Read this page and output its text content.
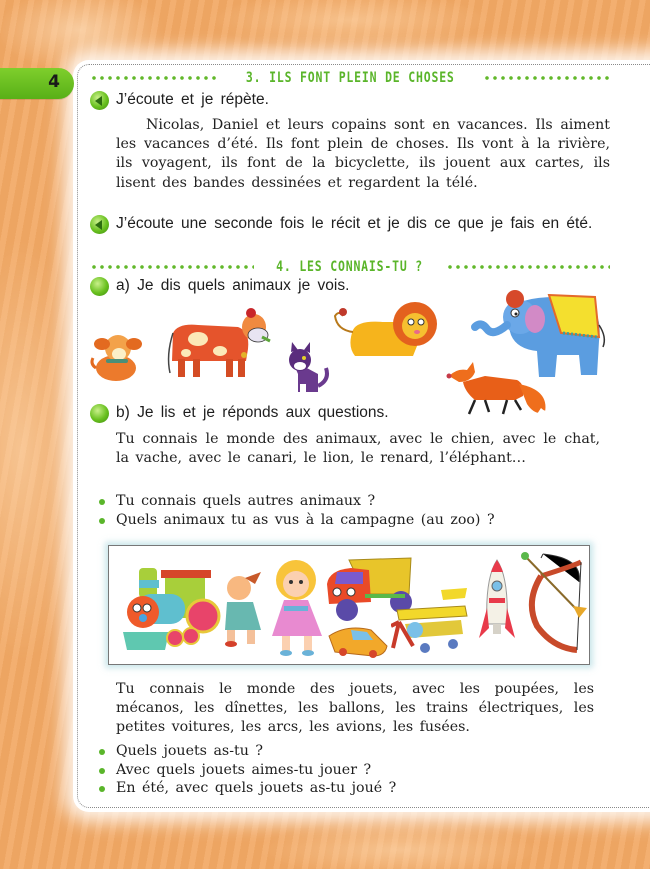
4	3. ILS FONT PLEIN DE CHOSES
J’écoute et je répète.

Nicolas, Daniel et leurs copains sont en vacances. Ils aiment les vacances d’été. Ils font plein de choses. Ils vont à la rivière, ils voyagent, ils font de la bicyclette, ils jouent aux cartes, ils lisent des bandes dessinées et regardent la télé.

J’écoute une seconde fois le récit et je dis ce que je fais en été.
4. LES CONNAIS-TU ?
a) Je dis quels animaux je vois.
b) Je lis et je réponds aux questions.

Tu connais le monde des animaux, avec le chien, avec le chat, la vache, avec le canari, le lion, le renard, l’éléphant…

Tu connais quels autres animaux ?
Quels animaux tu as vus à la campagne (au zoo) ?

Tu connais le monde des jouets, avec les poupées, les mécanos, les dînettes, les ballons, les trains électriques, les petites voitures, les arcs, les avions, les fusées.

Quels jouets as-tu ?
Avec quels jouets aimes-tu jouer ?
En été, avec quels jouets as-tu joué ?
